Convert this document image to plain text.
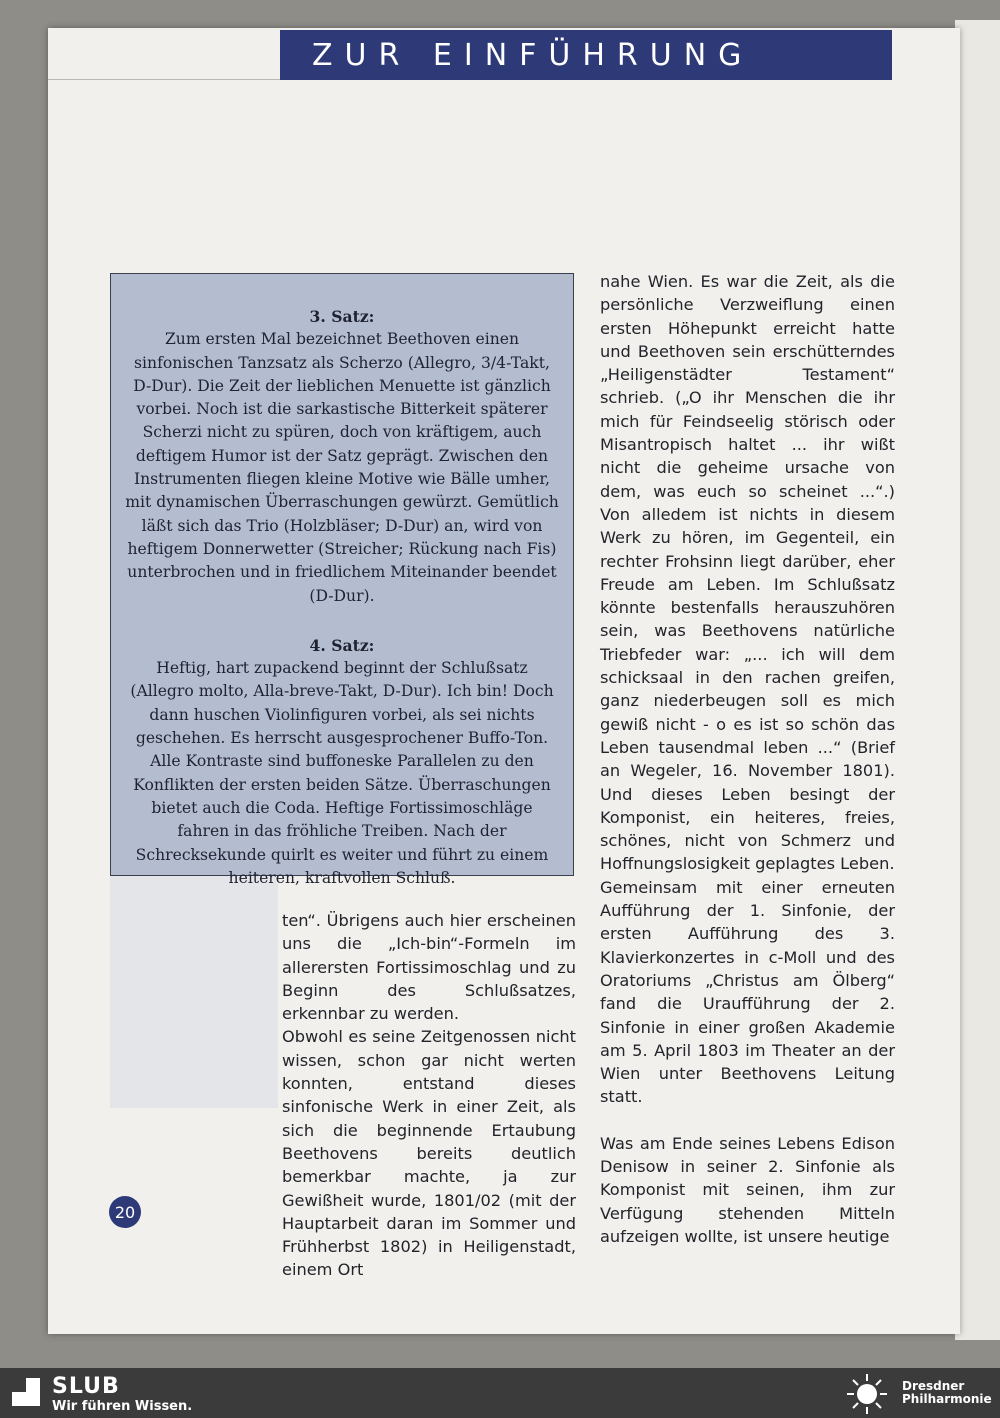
ZUR EINFÜHRUNG
3. Satz:
Zum ersten Mal bezeichnet Beethoven einen sinfonischen Tanzsatz als Scherzo (Allegro, 3/4-Takt, D-Dur). Die Zeit der lieblichen Menuette ist gänzlich vorbei. Noch ist die sarkastische Bitterkeit späterer Scherzi nicht zu spüren, doch von kräftigem, auch deftigem Humor ist der Satz geprägt. Zwischen den Instrumenten fliegen kleine Motive wie Bälle umher, mit dynamischen Überraschungen gewürzt. Gemütlich läßt sich das Trio (Holzbläser; D-Dur) an, wird von heftigem Donnerwetter (Streicher; Rückung nach Fis) unterbrochen und in friedlichem Miteinander beendet (D-Dur).
4. Satz:
Heftig, hart zupackend beginnt der Schlußsatz (Allegro molto, Alla-breve-Takt, D-Dur). Ich bin! Doch dann huschen Violinfiguren vorbei, als sei nichts geschehen. Es herrscht ausgesprochener Buffo-Ton. Alle Kontraste sind buffoneske Parallelen zu den Konflikten der ersten beiden Sätze. Überraschungen bietet auch die Coda. Heftige Fortissimoschläge fahren in das fröhliche Treiben. Nach der Schrecksekunde quirlt es weiter und führt zu einem heiteren, kraftvollen Schluß.

ten“. Übrigens auch hier erscheinen uns die „Ich-bin“-Formeln im allerersten Fortissimoschlag und zu Beginn des Schlußsatzes, erkennbar zu werden.

Obwohl es seine Zeitgenossen nicht wissen, schon gar nicht werten konnten, entstand dieses sinfonische Werk in einer Zeit, als sich die beginnende Ertaubung Beethovens bereits deutlich bemerkbar machte, ja zur Gewißheit wurde, 1801/02 (mit der Hauptarbeit daran im Sommer und Frühherbst 1802) in Heiligenstadt, einem Ort

nahe Wien. Es war die Zeit, als die persönliche Verzweiflung einen ersten Höhepunkt erreicht hatte und Beethoven sein erschütterndes „Heiligenstädter Testament“ schrieb. („O ihr Menschen die ihr mich für Feindseelig störisch oder Misantropisch haltet ... ihr wißt nicht die geheime ursache von dem, was euch so scheinet ...“.) Von alledem ist nichts in diesem Werk zu hören, im Gegenteil, ein rechter Frohsinn liegt darüber, eher Freude am Leben. Im Schlußsatz könnte bestenfalls herauszuhören sein, was Beethovens natürliche Triebfeder war: „... ich will dem schicksaal in den rachen greifen, ganz niederbeugen soll es mich gewiß nicht - o es ist so schön das Leben tausendmal leben ...“ (Brief an Wegeler, 16. November 1801). Und dieses Leben besingt der Komponist, ein heiteres, freies, schönes, nicht von Schmerz und Hoffnungslosigkeit geplagtes Leben.

Gemeinsam mit einer erneuten Aufführung der 1. Sinfonie, der ersten Aufführung des 3. Klavierkonzertes in c-Moll und des Oratoriums „Christus am Ölberg“ fand die Uraufführung der 2. Sinfonie in einer großen Akademie am 5. April 1803 im Theater an der Wien unter Beethovens Leitung statt.

Was am Ende seines Lebens Edison Denisow in seiner 2. Sinfonie als Komponist mit seinen, ihm zur Verfügung stehenden Mitteln aufzeigen wollte, ist unsere heutige

20
SLUB
Wir führen Wissen.
Dresdner
Philharmonie
